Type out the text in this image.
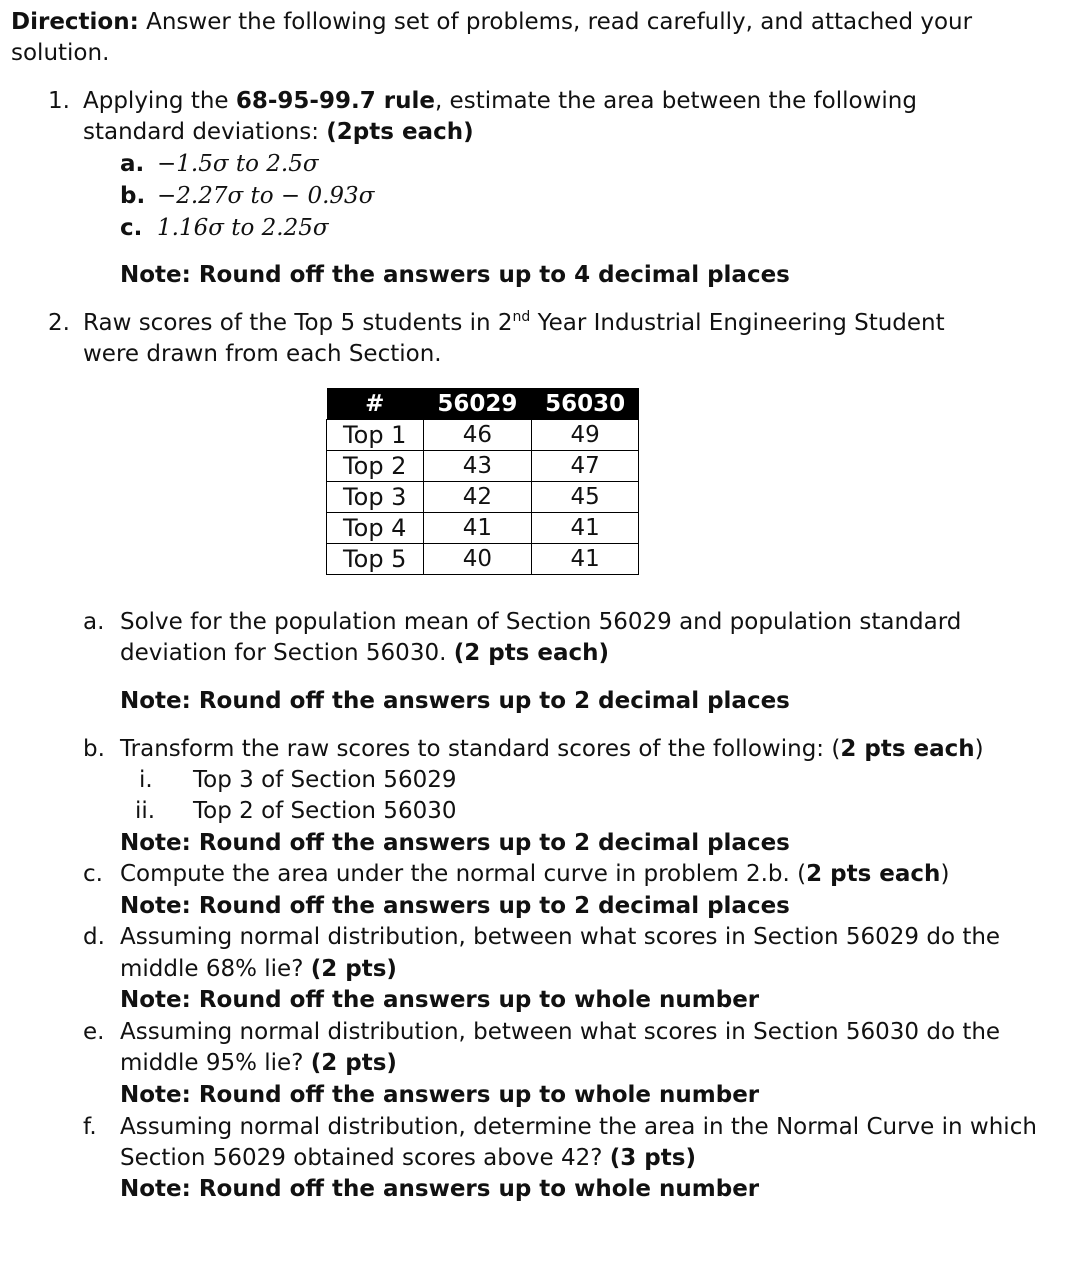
Direction: Answer the following set of problems, read carefully, and attached your
solution.
1. Applying the 68-95-99.7 rule, estimate the area between the following
standard deviations: (2pts each)
a. −1.5σ to 2.5σ
b. −2.27σ to − 0.93σ
c. 1.16σ to 2.25σ
Note: Round off the answers up to 4 decimal places
2. Raw scores of the Top 5 students in 2nd Year Industrial Engineering Student
were drawn from each Section.
#	56029	56030
Top 1	46	49
Top 2	43	47
Top 3	42	45
Top 4	41	41
Top 5	40	41
a. Solve for the population mean of Section 56029 and population standard
deviation for Section 56030. (2 pts each)
Note: Round off the answers up to 2 decimal places
b. Transform the raw scores to standard scores of the following: (2 pts each)
i. Top 3 of Section 56029
ii. Top 2 of Section 56030
Note: Round off the answers up to 2 decimal places
c. Compute the area under the normal curve in problem 2.b. (2 pts each)
Note: Round off the answers up to 2 decimal places
d. Assuming normal distribution, between what scores in Section 56029 do the
middle 68% lie? (2 pts)
Note: Round off the answers up to whole number
e. Assuming normal distribution, between what scores in Section 56030 do the
middle 95% lie? (2 pts)
Note: Round off the answers up to whole number
f. Assuming normal distribution, determine the area in the Normal Curve in which
Section 56029 obtained scores above 42? (3 pts)
Note: Round off the answers up to whole number
